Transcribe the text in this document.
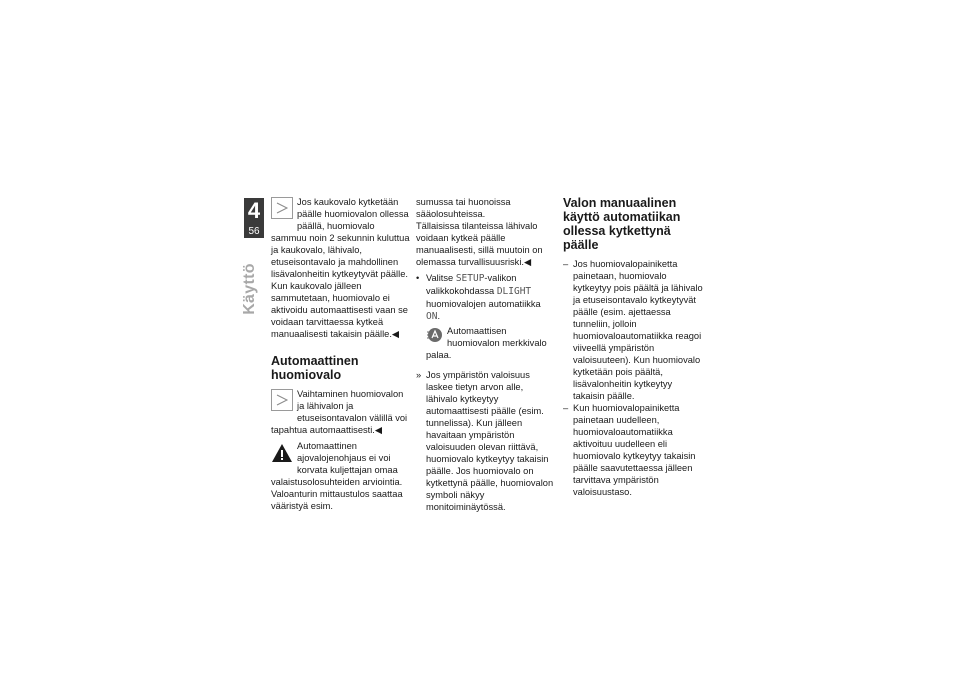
4
56
Käyttö

Jos kaukovalo kytketään päälle huomiovalon ollessa päällä, huomiovalo sammuu noin 2 sekunnin kuluttua ja kaukovalo, lähivalo, etuseisontavalo ja mahdollinen lisävalonheitin kytkeytyvät päälle.

Kun kaukovalo jälleen sammutetaan, huomiovalo ei aktivoidu automaattisesti vaan se voidaan tarvittaessa kytkeä manuaalisesti takaisin päälle.◀

Automaattinen huomiovalo

Vaihtaminen huomiovalon ja lähivalon ja etuseisontavalon välillä voi tapahtua automaattisesti.◀

Automaattinen ajovalojenohjaus ei voi korvata kuljettajan omaa valaistusolosuhteiden arviointia. Valoanturin mittaustulos saattaa vääristyä esim.

sumussa tai huonoissa sääolosuhteissa.

Tällaisissa tilanteissa lähivalo voidaan kytkeä päälle manuaalisesti, sillä muutoin on olemassa turvallisuusriski.◀

• Valitse SETUP-valikon valikkokohdassa DLIGHT huomiovalojen automatiikka ON.
Automaattisen huomiovalon merkkivalo palaa.
» Jos ympäristön valoisuus laskee tietyn arvon alle, lähivalo kytkeytyy automaattisesti päälle (esim. tunnelissa). Kun jälleen havaitaan ympäristön valoisuuden olevan riittävä, huomiovalo kytkeytyy takaisin päälle. Jos huomiovalo on kytkettynä päälle, huomiovalon symboli näkyy monitoiminäytössä.
Valon manuaalinen käyttö automatiikan ollessa kytkettynä päälle
– Jos huomiovalopainiketta painetaan, huomiovalo kytkeytyy pois päältä ja lähivalo ja etuseisontavalo kytkeytyvät päälle (esim. ajettaessa tunneliin, jolloin huomiovaloautomatiikka reagoi viiveellä ympäristön valoisuuteen). Kun huomiovalo kytketään pois päältä, lisävalonheitin kytkeytyy takaisin päälle.
– Kun huomiovalopainiketta painetaan uudelleen, huomiovaloautomatiikka aktivoituu uudelleen eli huomiovalo kytkeytyy takaisin päälle saavutettaessa jälleen tarvittava ympäristön valoisuustaso.
